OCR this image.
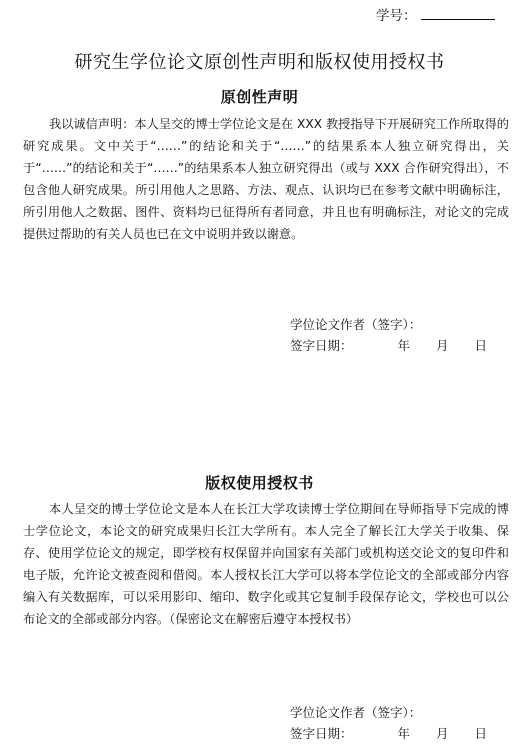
学号：
研究生学位论文原创性声明和版权使用授权书
原创性声明

我以诚信声明：本人呈交的博士学位论文是在 XXX 教授指导下开展研究工作所取得的研究成果。文中关于“……”的结论和关于“……”的结果系本人独立研究得出，关于“……”的结论和关于“……”的结果系本人独立研究得出（或与 XXX 合作研究得出），不包含他人研究成果。所引用他人之思路、方法、观点、认识均已在参考文献中明确标注，所引用他人之数据、图件、资料均已征得所有者同意，并且也有明确标注，对论文的完成提供过帮助的有关人员也已在文中说明并致以谢意。

学位论文作者（签字）：
签字日期：	年 月 日
版权使用授权书

本人呈交的博士学位论文是本人在长江大学攻读博士学位期间在导师指导下完成的博士学位论文，本论文的研究成果归长江大学所有。本人完全了解长江大学关于收集、保存、使用学位论文的规定，即学校有权保留并向国家有关部门或机构送交论文的复印件和电子版，允许论文被查阅和借阅。本人授权长江大学可以将本学位论文的全部或部分内容编入有关数据库，可以采用影印、缩印、数字化或其它复制手段保存论文，学校也可以公布论文的全部或部分内容。（保密论文在解密后遵守本授权书）

学位论文作者（签字）：
签字日期：	年 月 日
